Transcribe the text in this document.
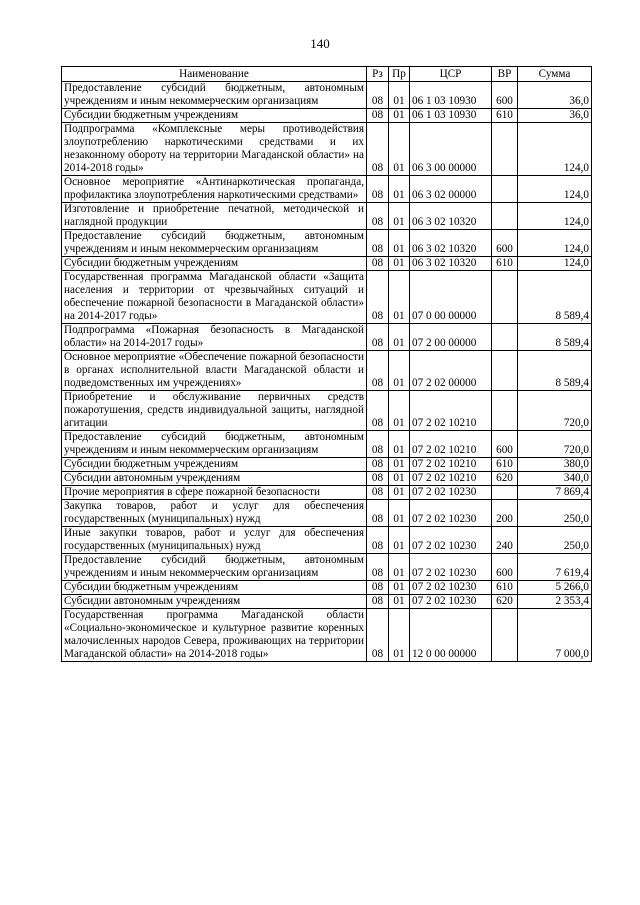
140
Наименование	Рз	Пр	ЦСР	ВР	Сумма
Предоставление субсидий бюджетным, автономным учреждениям и иным некоммерческим организациям	08	01	06 1 03 10930	600	36,0
Субсидии бюджетным учреждениям	08	01	06 1 03 10930	610	36,0
Подпрограмма «Комплексные меры противодействия злоупотреблению наркотическими средствами и их незаконному обороту на территории Магаданской области» на 2014-2018 годы»	08	01	06 3 00 00000		124,0
Основное мероприятие «Антинаркотическая пропаганда, профилактика злоупотребления наркотическими средствами»	08	01	06 3 02 00000		124,0
Изготовление и приобретение печатной, методической и наглядной продукции	08	01	06 3 02 10320		124,0
Предоставление субсидий бюджетным, автономным учреждениям и иным некоммерческим организациям	08	01	06 3 02 10320	600	124,0
Субсидии бюджетным учреждениям	08	01	06 3 02 10320	610	124,0
Государственная программа Магаданской области «Защита населения и территории от чрезвычайных ситуаций и обеспечение пожарной безопасности в Магаданской области» на 2014-2017 годы»	08	01	07 0 00 00000		8 589,4
Подпрограмма «Пожарная безопасность в Магаданской области» на 2014-2017 годы»	08	01	07 2 00 00000		8 589,4
Основное мероприятие «Обеспечение пожарной безопасности в органах исполнительной власти Магаданской области и подведомственных им учреждениях»	08	01	07 2 02 00000		8 589,4
Приобретение и обслуживание первичных средств пожаротушения, средств индивидуальной защиты, наглядной агитации	08	01	07 2 02 10210		720,0
Предоставление субсидий бюджетным, автономным учреждениям и иным некоммерческим организациям	08	01	07 2 02 10210	600	720,0
Субсидии бюджетным учреждениям	08	01	07 2 02 10210	610	380,0
Субсидии автономным учреждениям	08	01	07 2 02 10210	620	340,0
Прочие мероприятия в сфере пожарной безопасности	08	01	07 2 02 10230		7 869,4
Закупка товаров, работ и услуг для обеспечения государственных (муниципальных) нужд	08	01	07 2 02 10230	200	250,0
Иные закупки товаров, работ и услуг для обеспечения государственных (муниципальных) нужд	08	01	07 2 02 10230	240	250,0
Предоставление субсидий бюджетным, автономным учреждениям и иным некоммерческим организациям	08	01	07 2 02 10230	600	7 619,4
Субсидии бюджетным учреждениям	08	01	07 2 02 10230	610	5 266,0
Субсидии автономным учреждениям	08	01	07 2 02 10230	620	2 353,4
Государственная программа Магаданской области «Социально-экономическое и культурное развитие коренных малочисленных народов Севера, проживающих на территории Магаданской области» на 2014-2018 годы»	08	01	12 0 00 00000		7 000,0
